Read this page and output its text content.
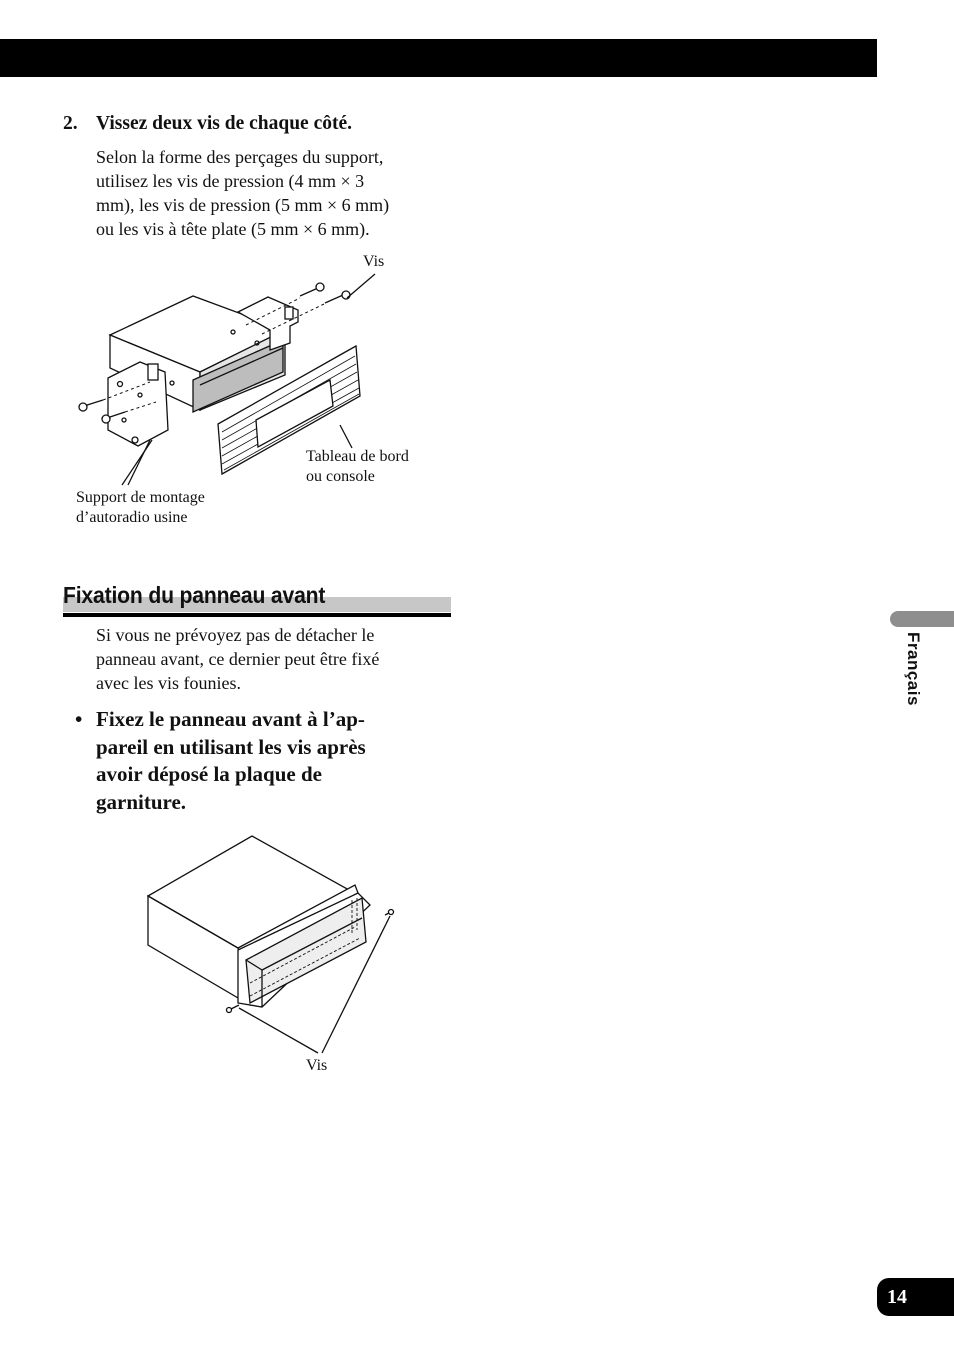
2. Vissez deux vis de chaque côté.
Selon la forme des perçages du support,
utilisez les vis de pression (4 mm × 3
mm), les vis de pression (5 mm × 6 mm)
ou les vis à tête plate (5 mm × 6 mm).
Vis
Tableau de bord
ou console
Support de montage
d’autoradio usine
Fixation du panneau avant
Si vous ne prévoyez pas de détacher le
panneau avant, ce dernier peut être fixé
avec les vis founies.
• Fixez le panneau avant à l’ap-
pareil en utilisant les vis après
avoir déposé la plaque de
garniture.
Vis
Français
14
